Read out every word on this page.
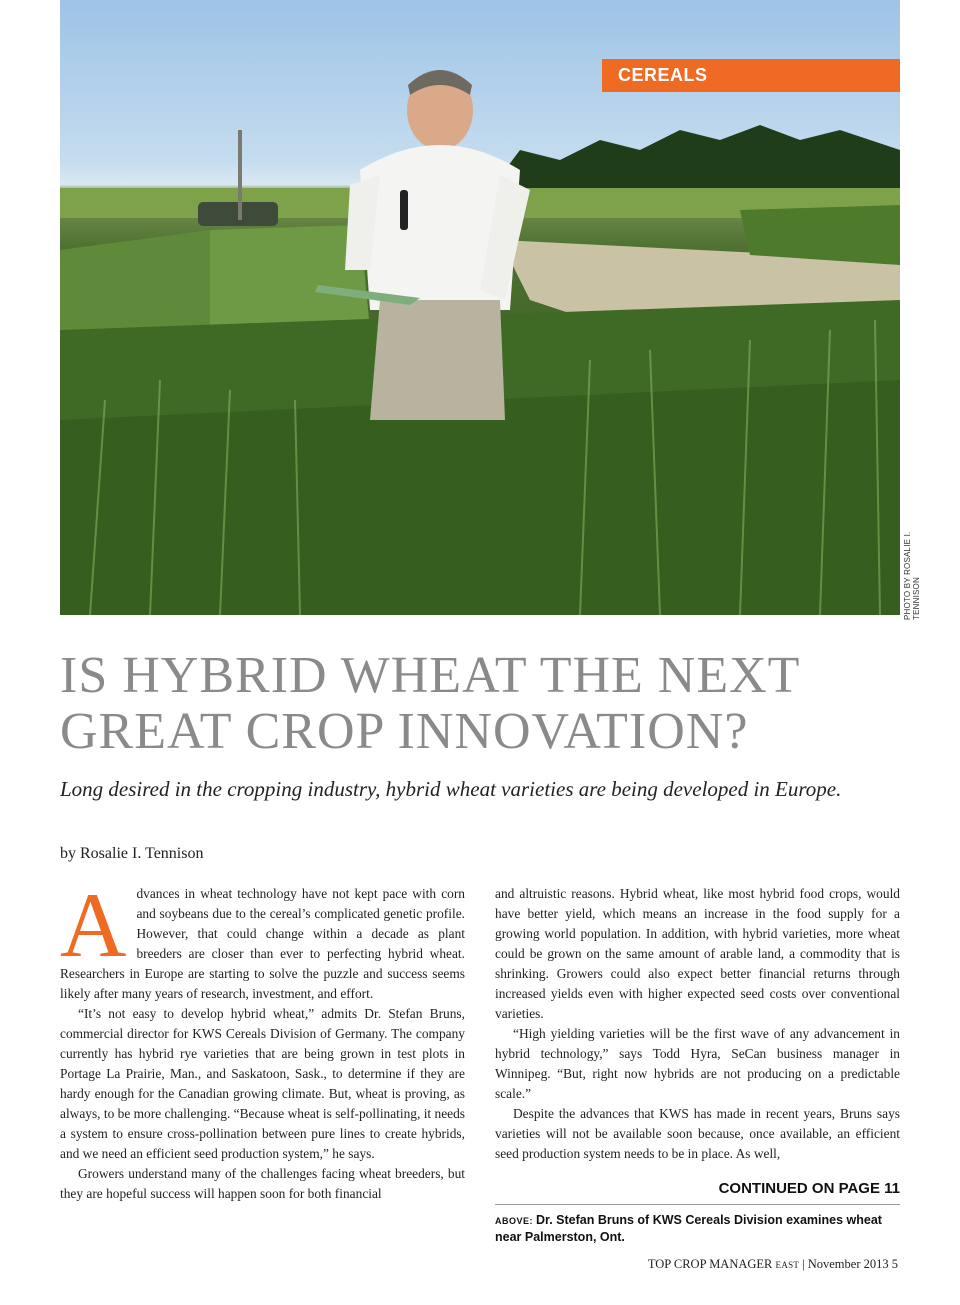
CEREALS
PHOTO BY ROSALIE I. TENNISON
IS HYBRID WHEAT THE NEXT
GREAT CROP INNOVATION?

Long desired in the cropping industry, hybrid wheat varieties are being developed in Europe.

by Rosalie I. Tennison

Advances in wheat technology have not kept pace with corn and soybeans due to the cereal’s complicated genetic profile. However, that could change within a decade as plant breeders are closer than ever to perfecting hybrid wheat. Researchers in Europe are starting to solve the puzzle and success seems likely after many years of research, investment, and effort.

“It’s not easy to develop hybrid wheat,” admits Dr. Stefan Bruns, commercial director for KWS Cereals Division of Germany. The company currently has hybrid rye varieties that are being grown in test plots in Portage La Prairie, Man., and Saskatoon, Sask., to determine if they are hardy enough for the Canadian growing climate. But, wheat is proving, as always, to be more challenging. “Because wheat is self-pollinating, it needs a system to ensure cross-pollination between pure lines to create hybrids, and we need an efficient seed production system,” he says.

Growers understand many of the challenges facing wheat breeders, but they are hopeful success will happen soon for both financial

and altruistic reasons. Hybrid wheat, like most hybrid food crops, would have better yield, which means an increase in the food supply for a growing world population. In addition, with hybrid varieties, more wheat could be grown on the same amount of arable land, a commodity that is shrinking. Growers could also expect better financial returns through increased yields even with higher expected seed costs over conventional varieties.

“High yielding varieties will be the first wave of any advancement in hybrid technology,” says Todd Hyra, SeCan business manager in Winnipeg. “But, right now hybrids are not producing on a predictable scale.”

Despite the advances that KWS has made in recent years, Bruns says varieties will not be available soon because, once available, an efficient seed production system needs to be in place. As well,

CONTINUED ON PAGE 11
ABOVE: Dr. Stefan Bruns of KWS Cereals Division examines wheat near Palmerston, Ont.
TOP CROP MANAGER EAST | November 2013 5
